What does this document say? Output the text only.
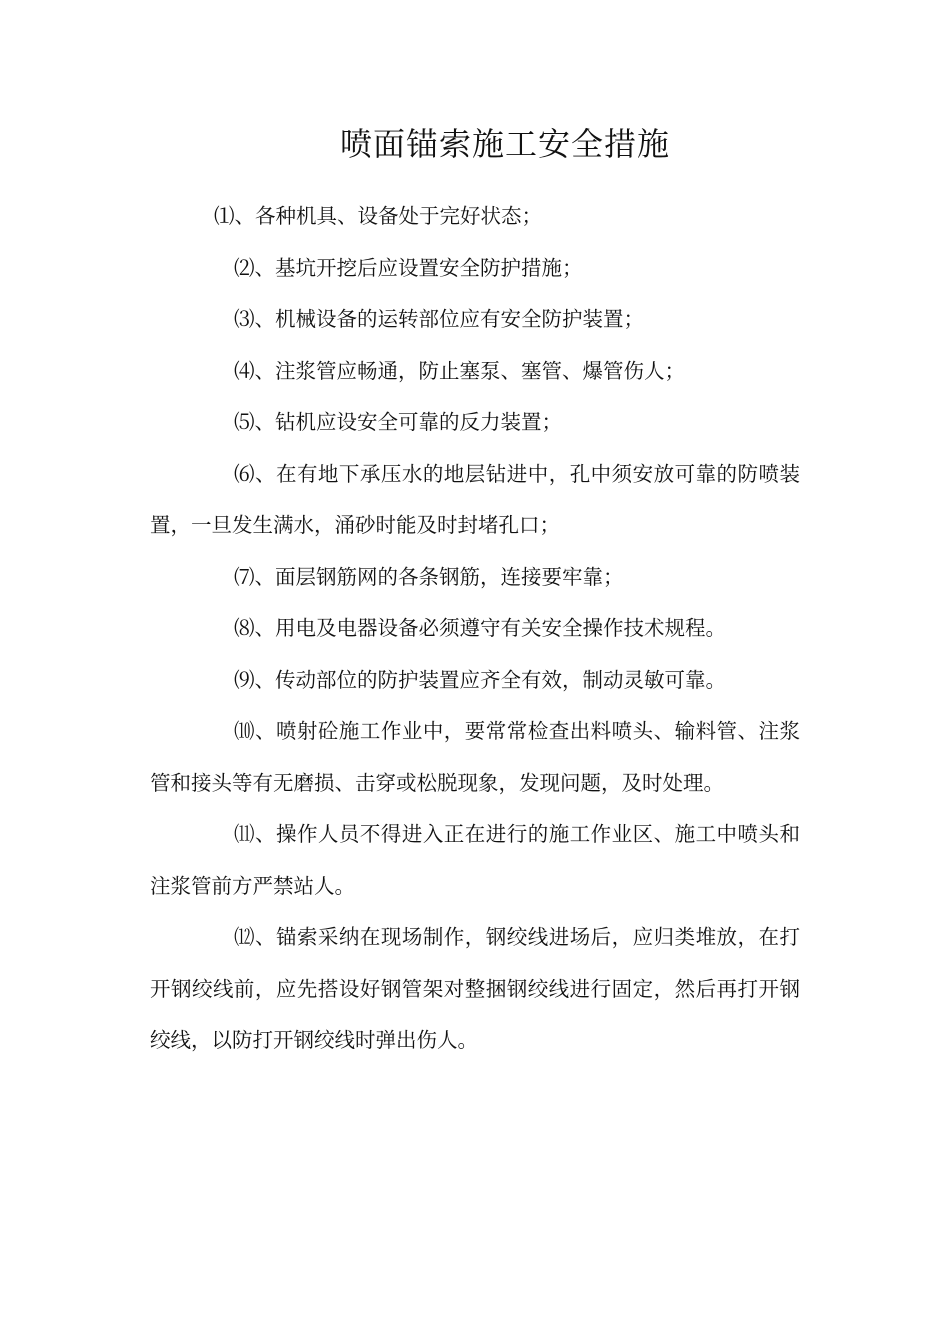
喷面锚索施工安全措施

⑴、各种机具、设备处于完好状态；

⑵、基坑开挖后应设置安全防护措施；

⑶、机械设备的运转部位应有安全防护装置；

⑷、注浆管应畅通，防止塞泵、塞管、爆管伤人；

⑸、钻机应设安全可靠的反力装置；

⑹、在有地下承压水的地层钻进中，孔中须安放可靠的防喷装置，一旦发生满水，涌砂时能及时封堵孔口；

⑺、面层钢筋网的各条钢筋，连接要牢靠；

⑻、用电及电器设备必须遵守有关安全操作技术规程。

⑼、传动部位的防护装置应齐全有效，制动灵敏可靠。

⑽、喷射砼施工作业中，要常常检查出料喷头、输料管、注浆管和接头等有无磨损、击穿或松脱现象，发现问题，及时处理。

⑾、操作人员不得进入正在进行的施工作业区、施工中喷头和注浆管前方严禁站人。

⑿、锚索采纳在现场制作，钢绞线进场后，应归类堆放，在打开钢绞线前，应先搭设好钢管架对整捆钢绞线进行固定，然后再打开钢绞线，以防打开钢绞线时弹出伤人。
